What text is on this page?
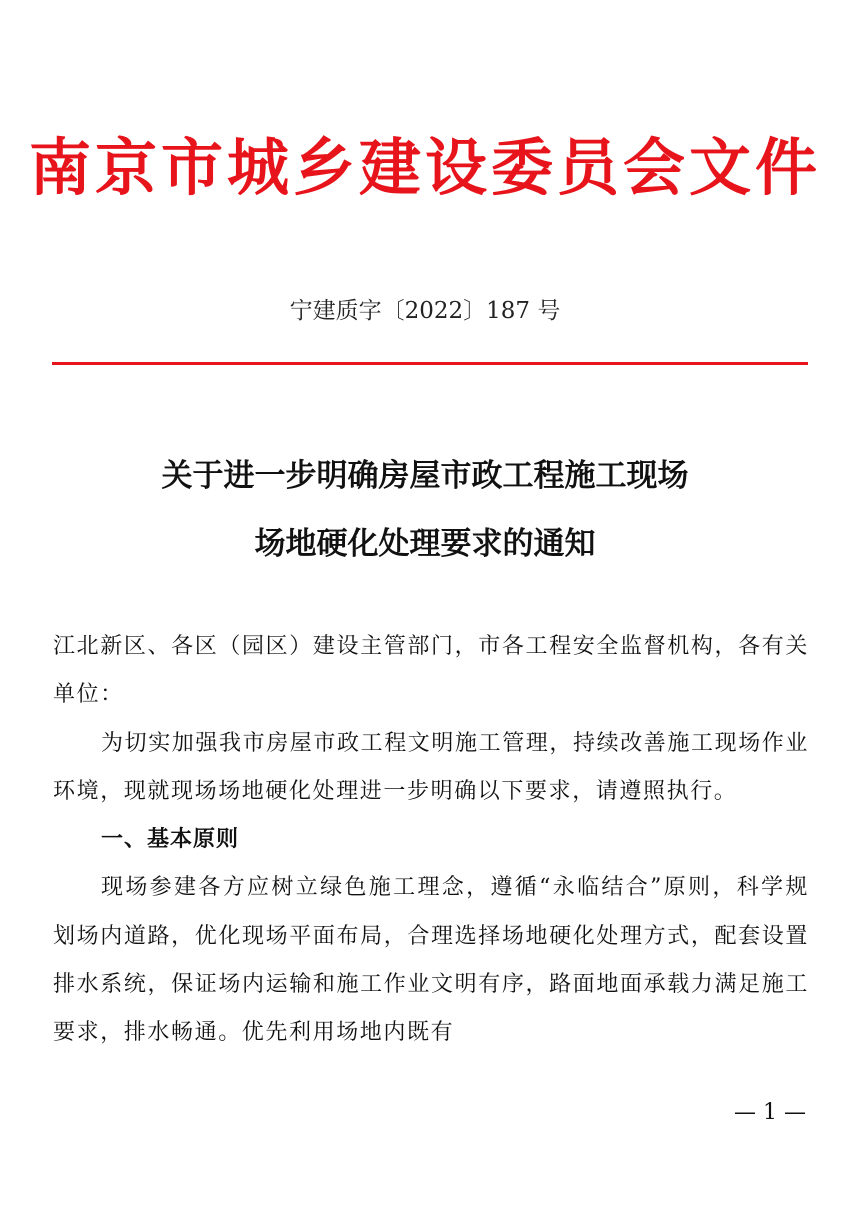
南京市城乡建设委员会文件
宁建质字〔2022〕187 号
关于进一步明确房屋市政工程施工现场
场地硬化处理要求的通知

江北新区、各区（园区）建设主管部门，市各工程安全监督机构，各有关单位：

为切实加强我市房屋市政工程文明施工管理，持续改善施工现场作业环境，现就现场场地硬化处理进一步明确以下要求，请遵照执行。

一、基本原则

现场参建各方应树立绿色施工理念，遵循“永临结合”原则，科学规划场内道路，优化现场平面布局，合理选择场地硬化处理方式，配套设置排水系统，保证场内运输和施工作业文明有序，路面地面承载力满足施工要求，排水畅通。优先利用场地内既有

— 1 —
